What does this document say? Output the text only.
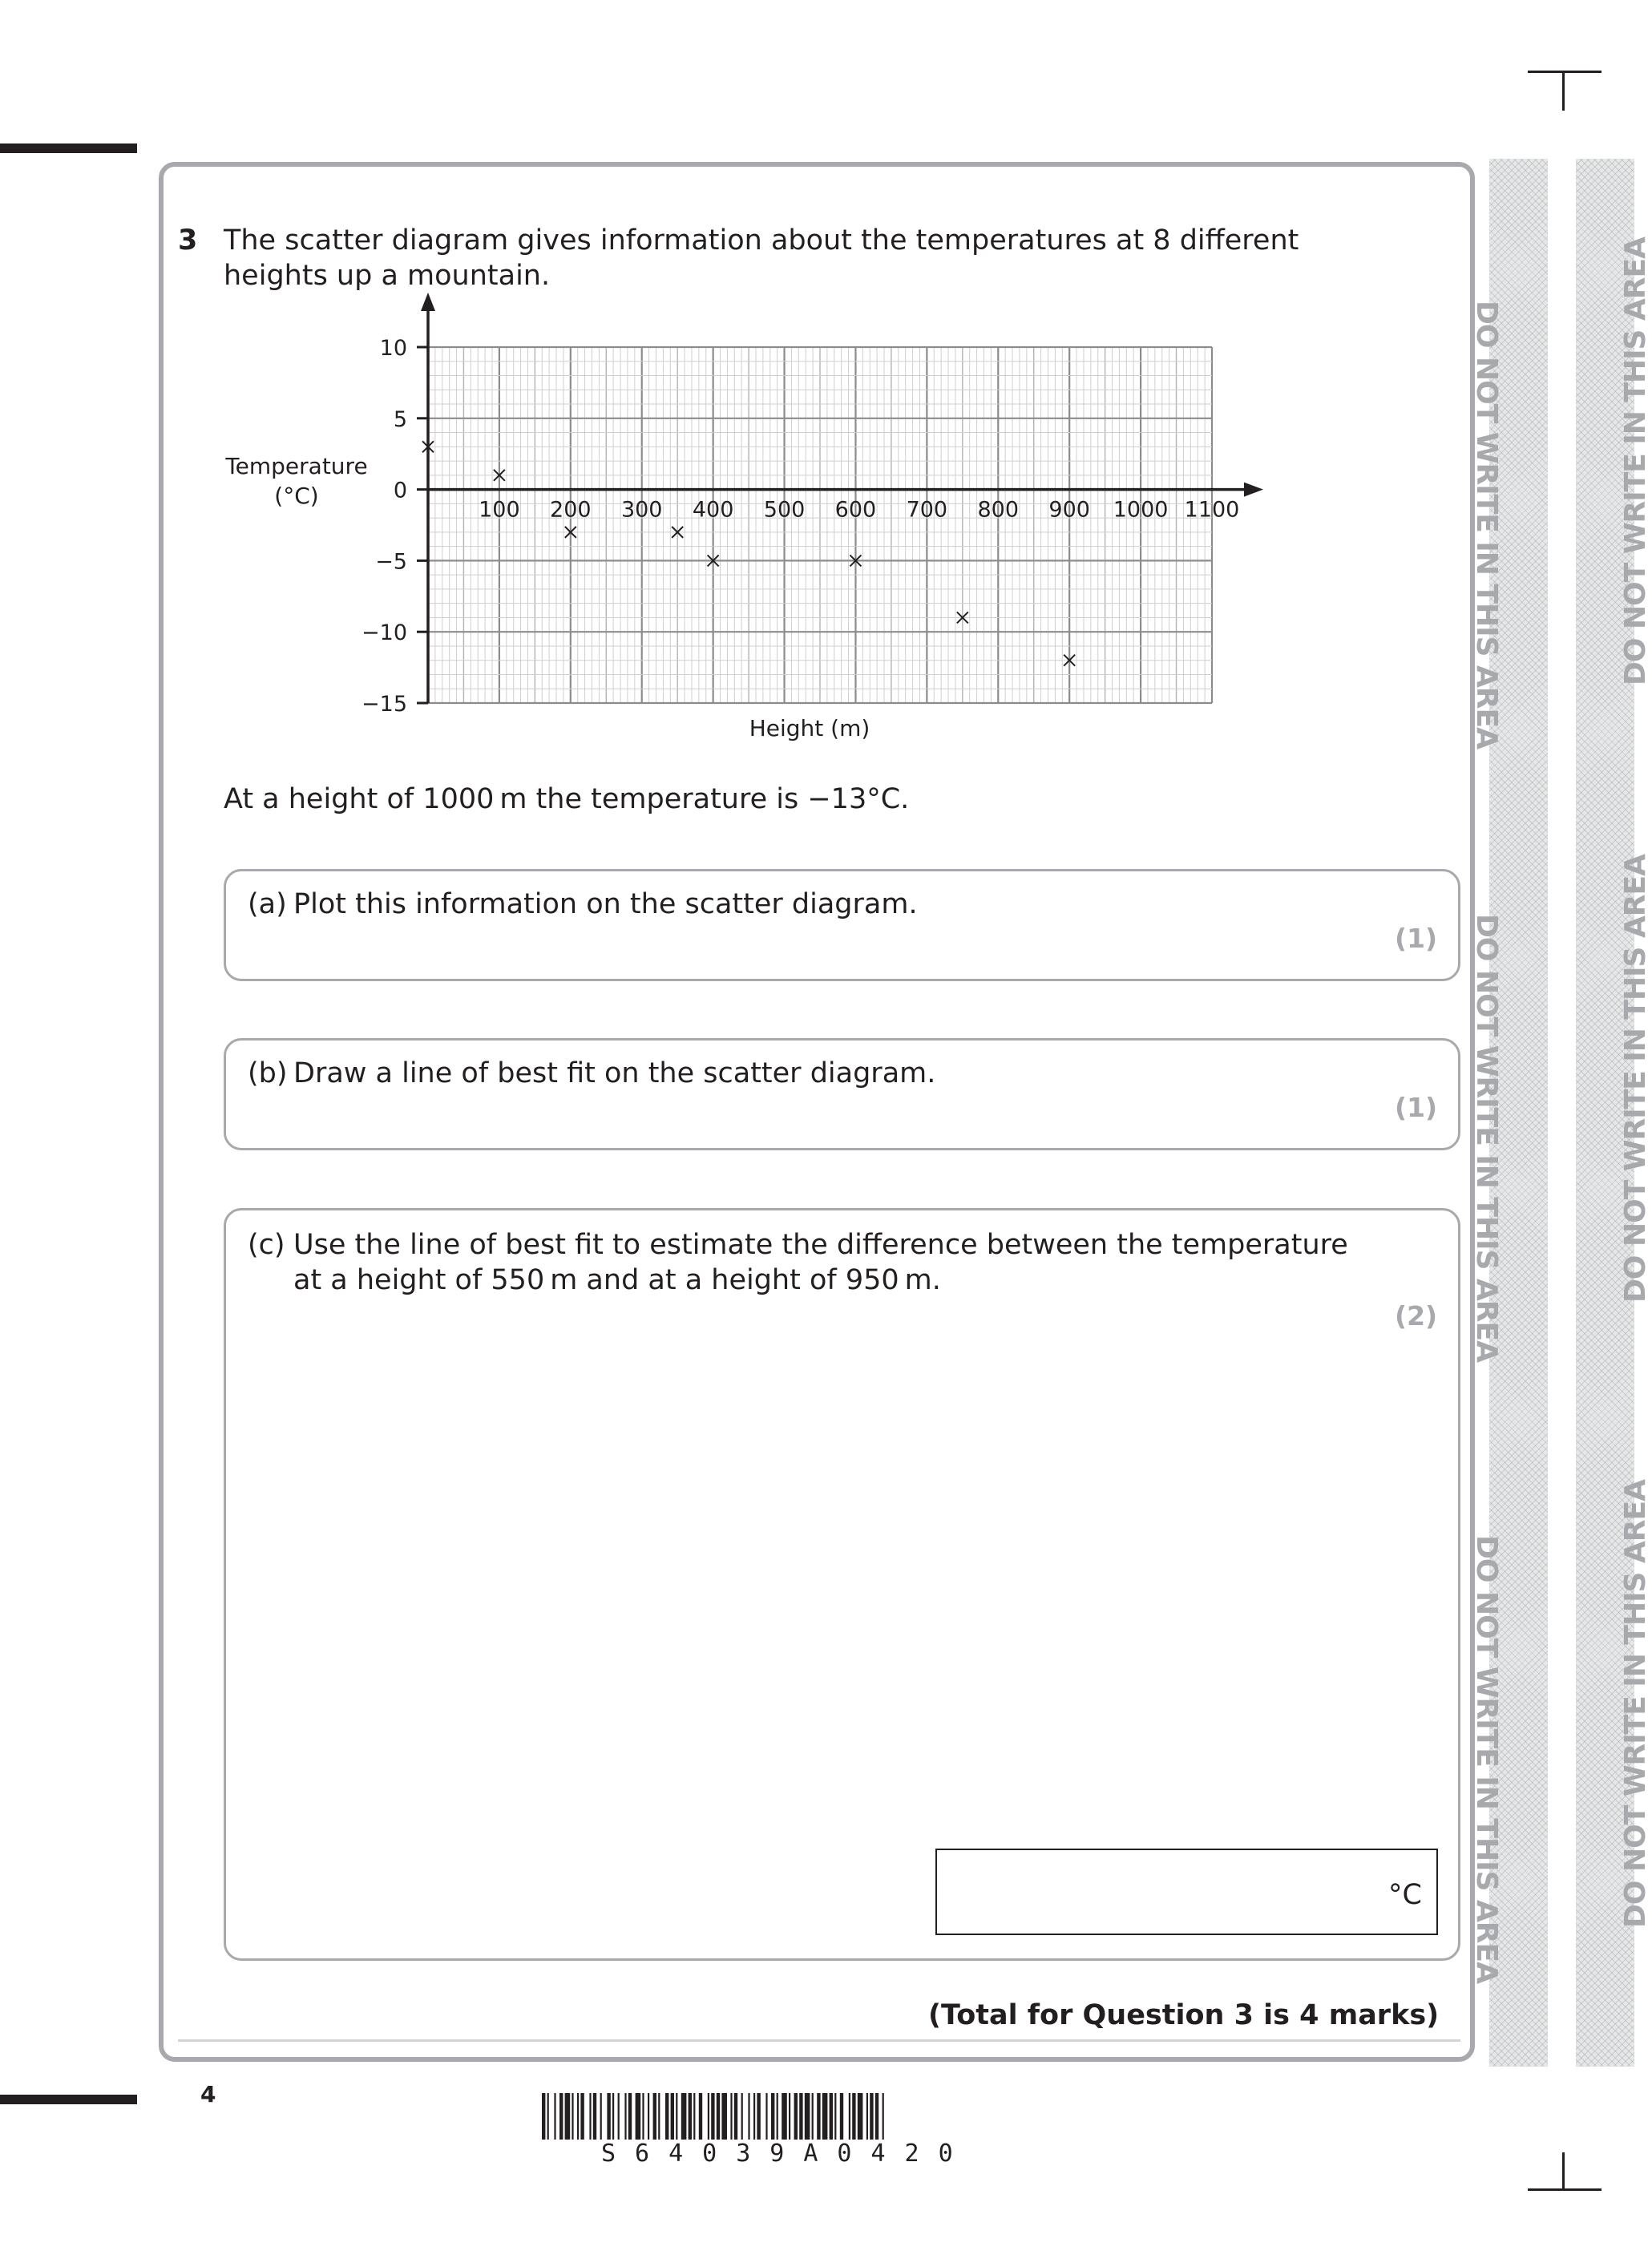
DO NOT WRITE IN THIS AREA
DO NOT WRITE IN THIS AREA
DO NOT WRITE IN THIS AREA
DO NOT WRITE IN THIS AREA
DO NOT WRITE IN THIS AREA
DO NOT WRITE IN THIS AREA
3 The scatter diagram gives information about the temperatures at 8 different heights up a mountain.
100 200 300 400 500 600 700 800 900 1000 1100
10
5
0
−5
−10
−15
Temperature
(°C)
Height (m)
At a height of 1000 m the temperature is −13°C.
(a) Plot this information on the scatter diagram.
(1)
(b) Draw a line of best fit on the scatter diagram.
(1)
(c) Use the line of best fit to estimate the difference between the temperature
at a height of 550 m and at a height of 950 m.
(2)
°C
(Total for Question 3 is 4 marks)
4
S64039A0420
